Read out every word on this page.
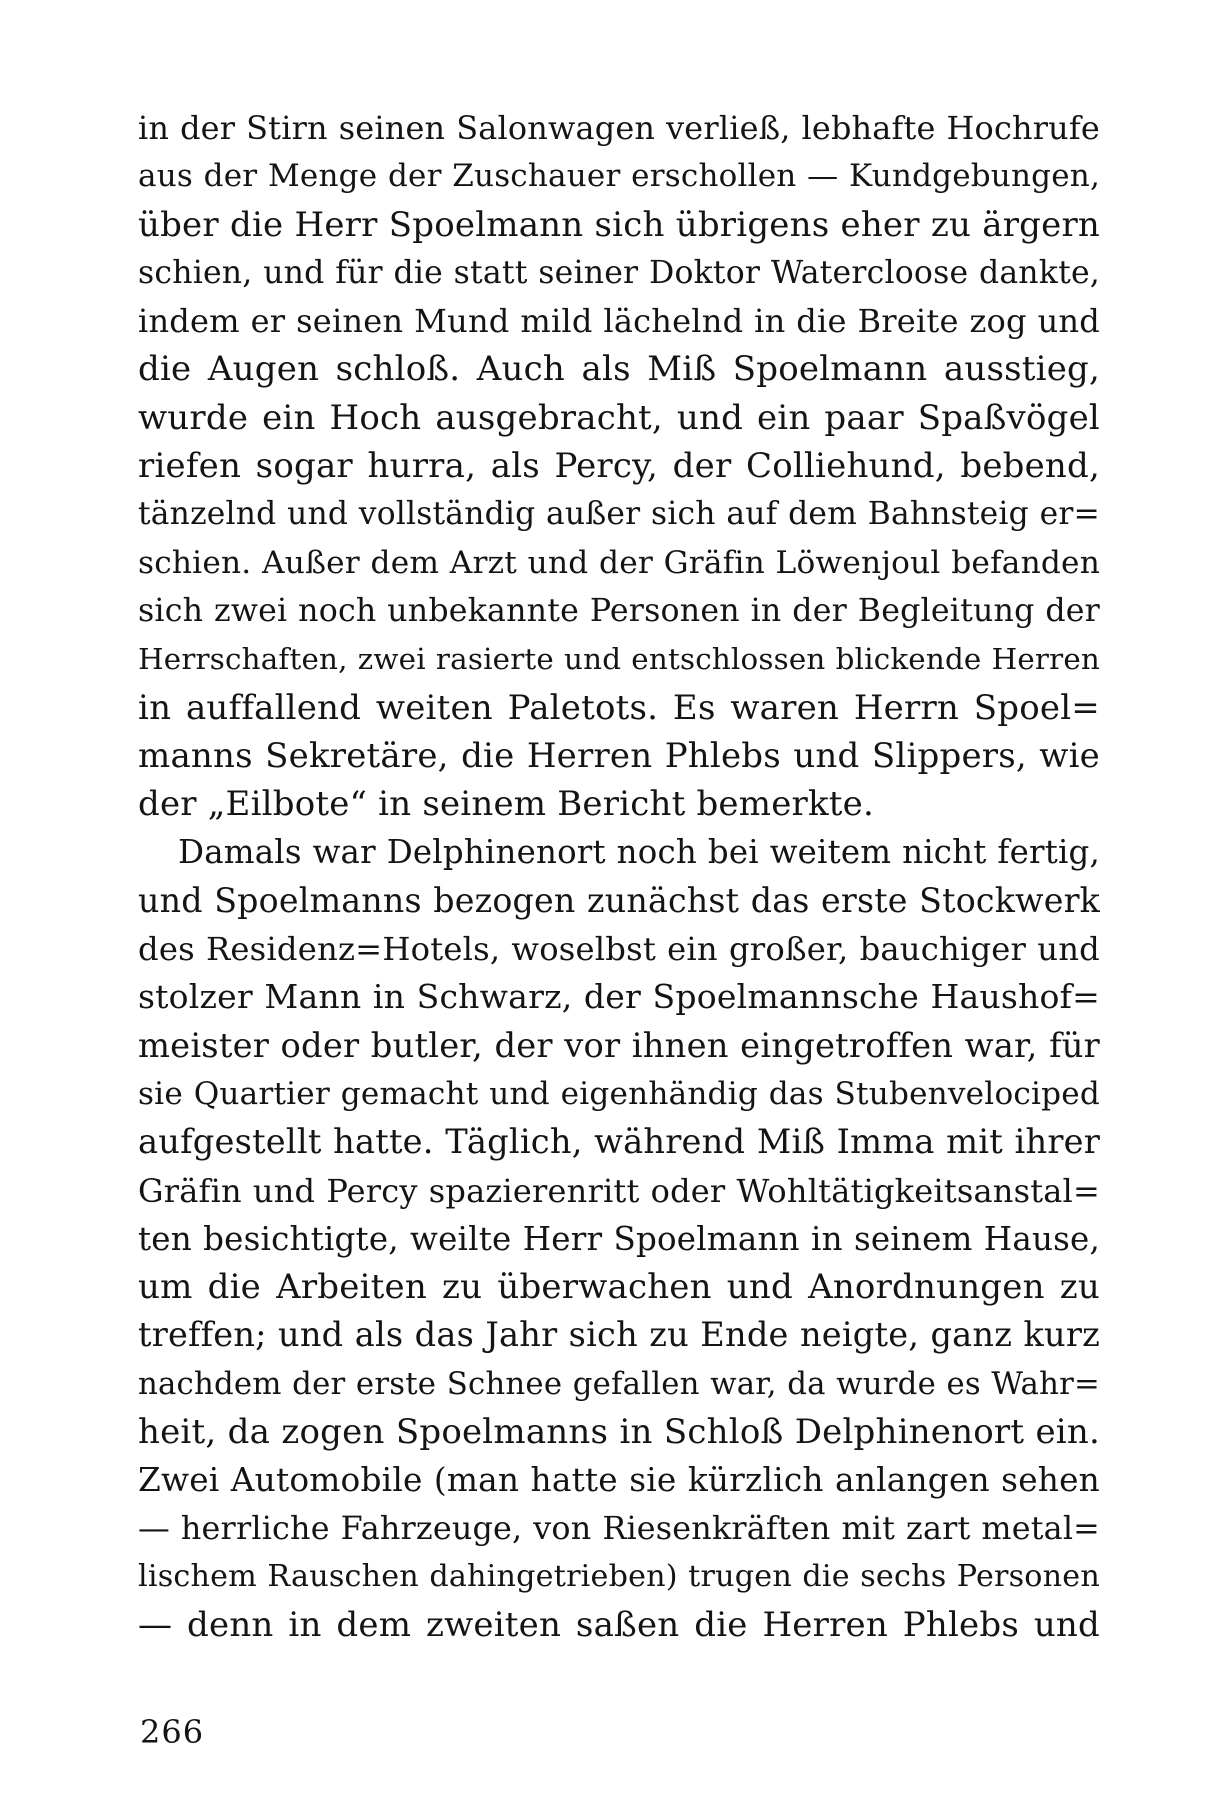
in der Stirn seinen Salonwagen verließ, lebhafte Hochrufe
aus der Menge der Zuschauer erschollen — Kundgebungen,
über die Herr Spoelmann sich übrigens eher zu ärgern
schien, und für die statt seiner Doktor Watercloose dankte,
indem er seinen Mund mild lächelnd in die Breite zog und
die Augen schloß. Auch als Miß Spoelmann ausstieg,
wurde ein Hoch ausgebracht, und ein paar Spaßvögel
riefen sogar hurra, als Percy, der Colliehund, bebend,
tänzelnd und vollständig außer sich auf dem Bahnsteig er=
schien. Außer dem Arzt und der Gräfin Löwenjoul befanden
sich zwei noch unbekannte Personen in der Begleitung der
Herrschaften, zwei rasierte und entschlossen blickende Herren
in auffallend weiten Paletots. Es waren Herrn Spoel=
manns Sekretäre, die Herren Phlebs und Slippers, wie
der „Eilbote“ in seinem Bericht bemerkte.
Damals war Delphinenort noch bei weitem nicht fertig,
und Spoelmanns bezogen zunächst das erste Stockwerk
des Residenz=Hotels, woselbst ein großer, bauchiger und
stolzer Mann in Schwarz, der Spoelmannsche Haushof=
meister oder butler, der vor ihnen eingetroffen war, für
sie Quartier gemacht und eigenhändig das Stubenvelociped
aufgestellt hatte. Täglich, während Miß Imma mit ihrer
Gräfin und Percy spazierenritt oder Wohltätigkeitsanstal=
ten besichtigte, weilte Herr Spoelmann in seinem Hause,
um die Arbeiten zu überwachen und Anordnungen zu
treffen; und als das Jahr sich zu Ende neigte, ganz kurz
nachdem der erste Schnee gefallen war, da wurde es Wahr=
heit, da zogen Spoelmanns in Schloß Delphinenort ein.
Zwei Automobile (man hatte sie kürzlich anlangen sehen
— herrliche Fahrzeuge, von Riesenkräften mit zart metal=
lischem Rauschen dahingetrieben) trugen die sechs Personen
— denn in dem zweiten saßen die Herren Phlebs und
266
